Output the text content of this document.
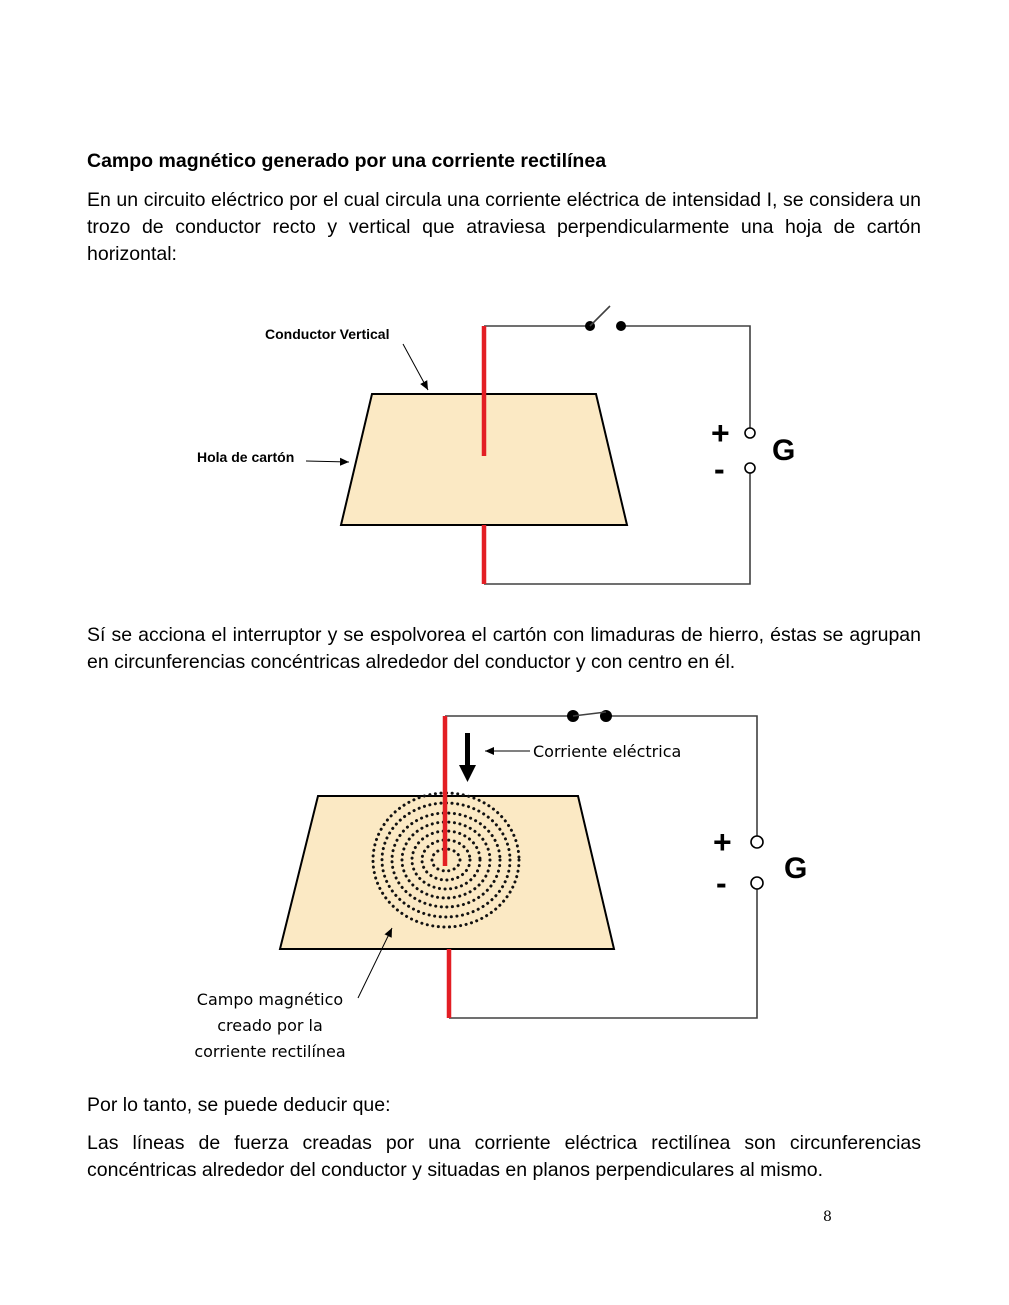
Campo magnético generado por una corriente rectilínea
En un circuito eléctrico por el cual circula una corriente eléctrica de intensidad I, se considera un trozo de conductor recto y vertical que atraviesa perpendicularmente una hoja de cartón horizontal:
+
-
G
Conductor Vertical
Hola de cartón
Sí se acciona el interruptor y se espolvorea el cartón con limaduras de hierro, éstas se agrupan en circunferencias concéntricas alrededor del conductor y con centro en él.
Corriente eléctrica
+
- G
Campo magnético
creado por la
corriente rectilínea
Por lo tanto, se puede deducir que:
Las líneas de fuerza creadas por una corriente eléctrica rectilínea son circunferencias concéntricas alrededor del conductor y situadas en planos perpendiculares al mismo.
8
